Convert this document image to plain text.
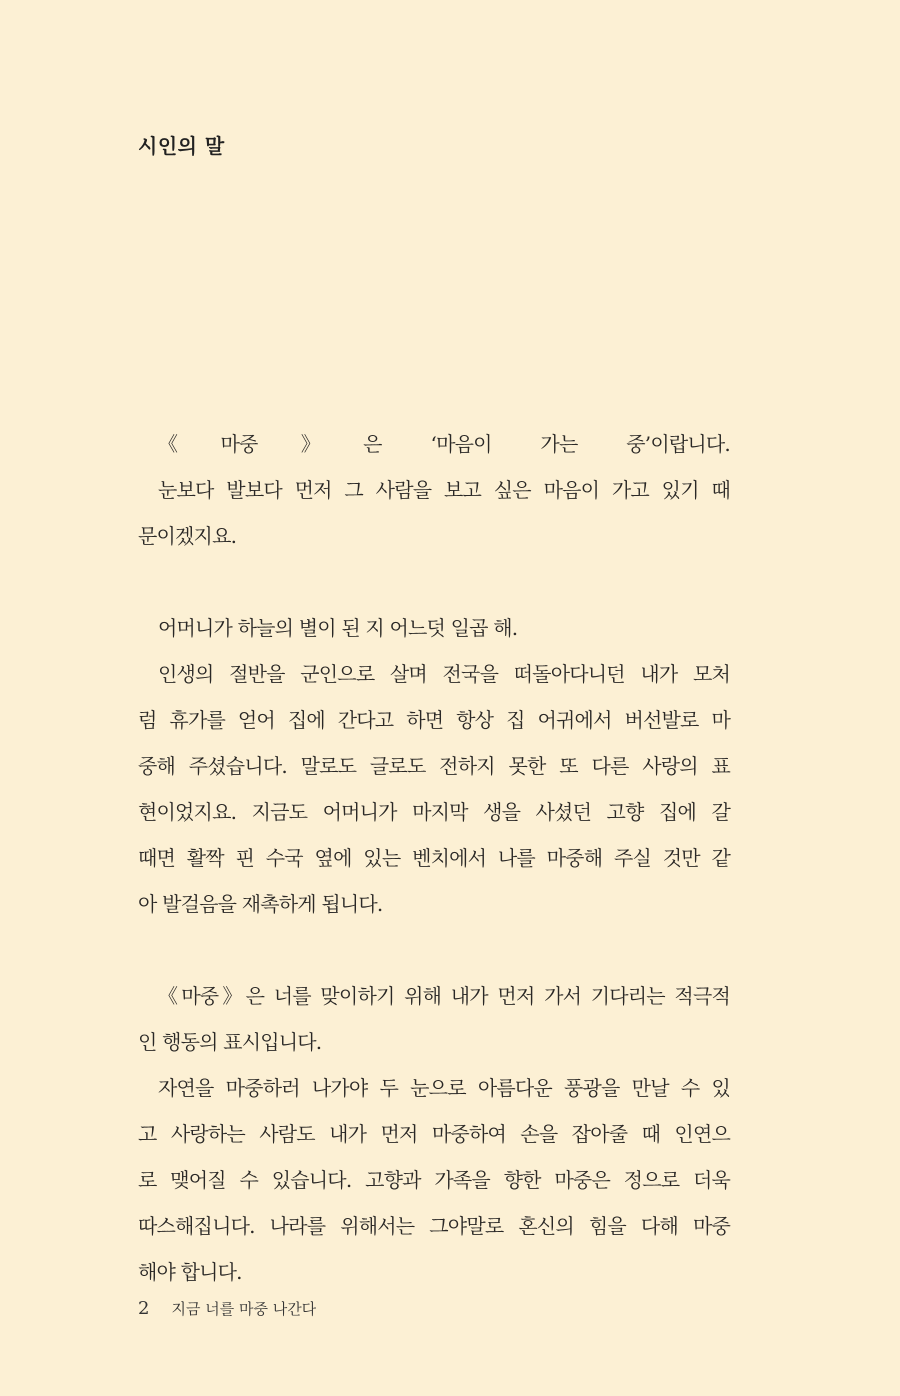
시인의 말
《마중》은 ‘마음이 가는 중’이랍니다.
눈보다 발보다 먼저 그 사람을 보고 싶은 마음이 가고 있기 때
문이겠지요.
어머니가 하늘의 별이 된 지 어느덧 일곱 해.
인생의 절반을 군인으로 살며 전국을 떠돌아다니던 내가 모처
럼 휴가를 얻어 집에 간다고 하면 항상 집 어귀에서 버선발로 마
중해 주셨습니다. 말로도 글로도 전하지 못한 또 다른 사랑의 표
현이었지요. 지금도 어머니가 마지막 생을 사셨던 고향 집에 갈
때면 활짝 핀 수국 옆에 있는 벤치에서 나를 마중해 주실 것만 같
아 발걸음을 재촉하게 됩니다.
《마중》은 너를 맞이하기 위해 내가 먼저 가서 기다리는 적극적
인 행동의 표시입니다.
자연을 마중하러 나가야 두 눈으로 아름다운 풍광을 만날 수 있
고 사랑하는 사람도 내가 먼저 마중하여 손을 잡아줄 때 인연으
로 맺어질 수 있습니다. 고향과 가족을 향한 마중은 정으로 더욱
따스해집니다. 나라를 위해서는 그야말로 혼신의 힘을 다해 마중
해야 합니다.
2 지금 너를 마중 나간다
